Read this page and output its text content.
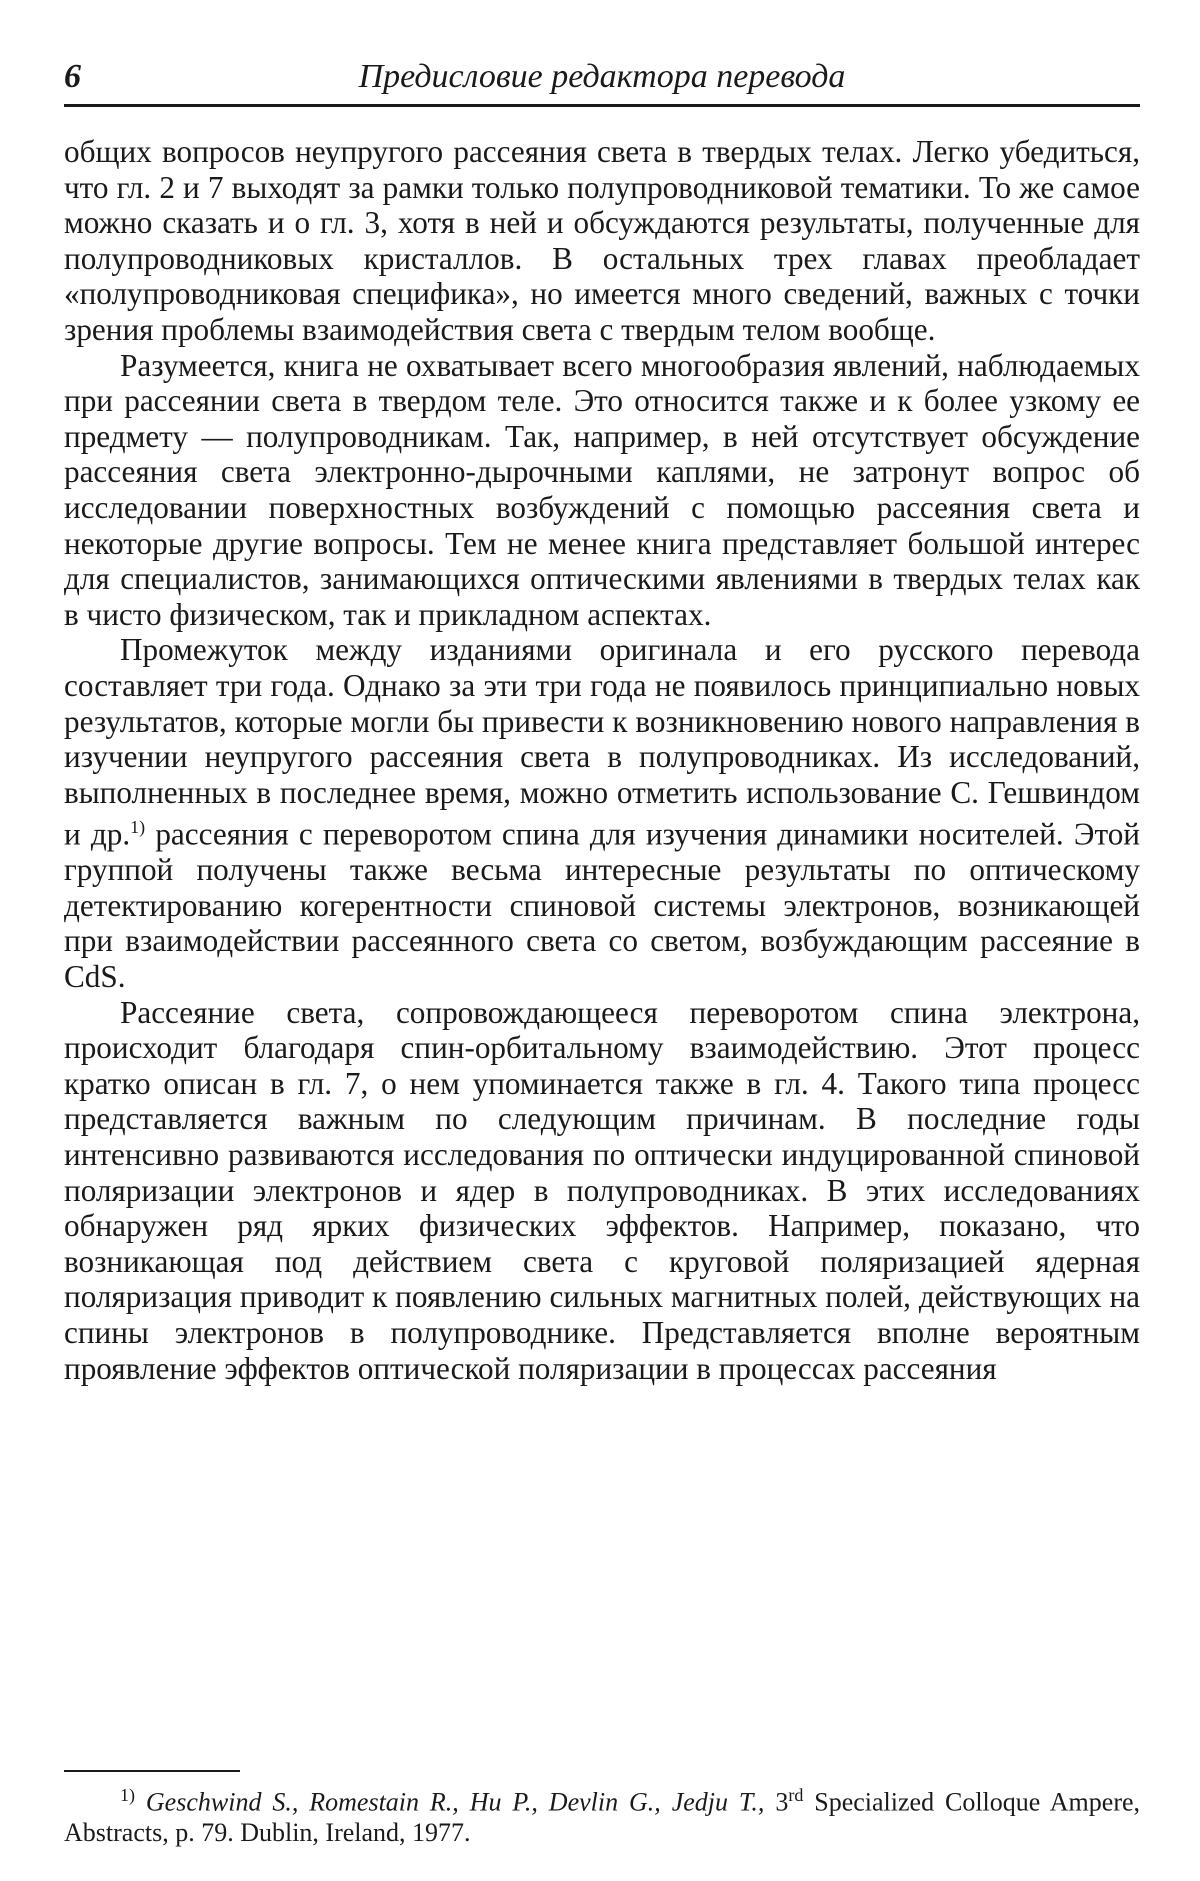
6	Предисловие редактора перевода

общих вопросов неупругого рассеяния света в твердых телах. Легко убедиться, что гл. 2 и 7 выходят за рамки только полупроводниковой тематики. То же самое можно сказать и о гл. 3, хотя в ней и обсуждаются результаты, полученные для полупроводниковых кристаллов. В остальных трех главах преобладает «полупроводниковая специфика», но имеется много сведений, важных с точки зрения проблемы взаимодействия света с твердым телом вообще.

Разумеется, книга не охватывает всего многообразия явлений, наблюдаемых при рассеянии света в твердом теле. Это относится также и к более узкому ее предмету — полупроводникам. Так, например, в ней отсутствует обсуждение рассеяния света электронно-дырочными каплями, не затронут вопрос об исследовании поверхностных возбуждений с помощью рассеяния света и некоторые другие вопросы. Тем не менее книга представляет большой интерес для специалистов, занимающихся оптическими явлениями в твердых телах как в чисто физическом, так и прикладном аспектах.

Промежуток между изданиями оригинала и его русского перевода составляет три года. Однако за эти три года не появилось принципиально новых результатов, которые могли бы привести к возникновению нового направления в изучении неупругого рассеяния света в полупроводниках. Из исследований, выполненных в последнее время, можно отметить использование С. Гешвиндом и др.$^{1)}$ рассеяния с переворотом спина для изучения динамики носителей. Этой группой получены также весьма интересные результаты по оптическому детектированию когерентности спиновой системы электронов, возникающей при взаимодействии рассеянного света со светом, возбуждающим рассеяние в CdS.

Рассеяние света, сопровождающееся переворотом спина электрона, происходит благодаря спин-орбитальному взаимодействию. Этот процесс кратко описан в гл. 7, о нем упоминается также в гл. 4. Такого типа процесс представляется важным по следующим причинам. В последние годы интенсивно развиваются исследования по оптически индуцированной спиновой поляризации электронов и ядер в полупроводниках. В этих исследованиях обнаружен ряд ярких физических эффектов. Например, показано, что возникающая под действием света с круговой поляризацией ядерная поляризация приводит к появлению сильных магнитных полей, действующих на спины электронов в полупроводнике. Представляется вполне вероятным проявление эффектов оптической поляризации в процессах рассеяния

$^{1)}$ Geschwind S., Romestain R., Hu P., Devlin G., Jedju T., 3rd Specialized Colloque Ampere, Abstracts, p. 79. Dublin, Ireland, 1977.
